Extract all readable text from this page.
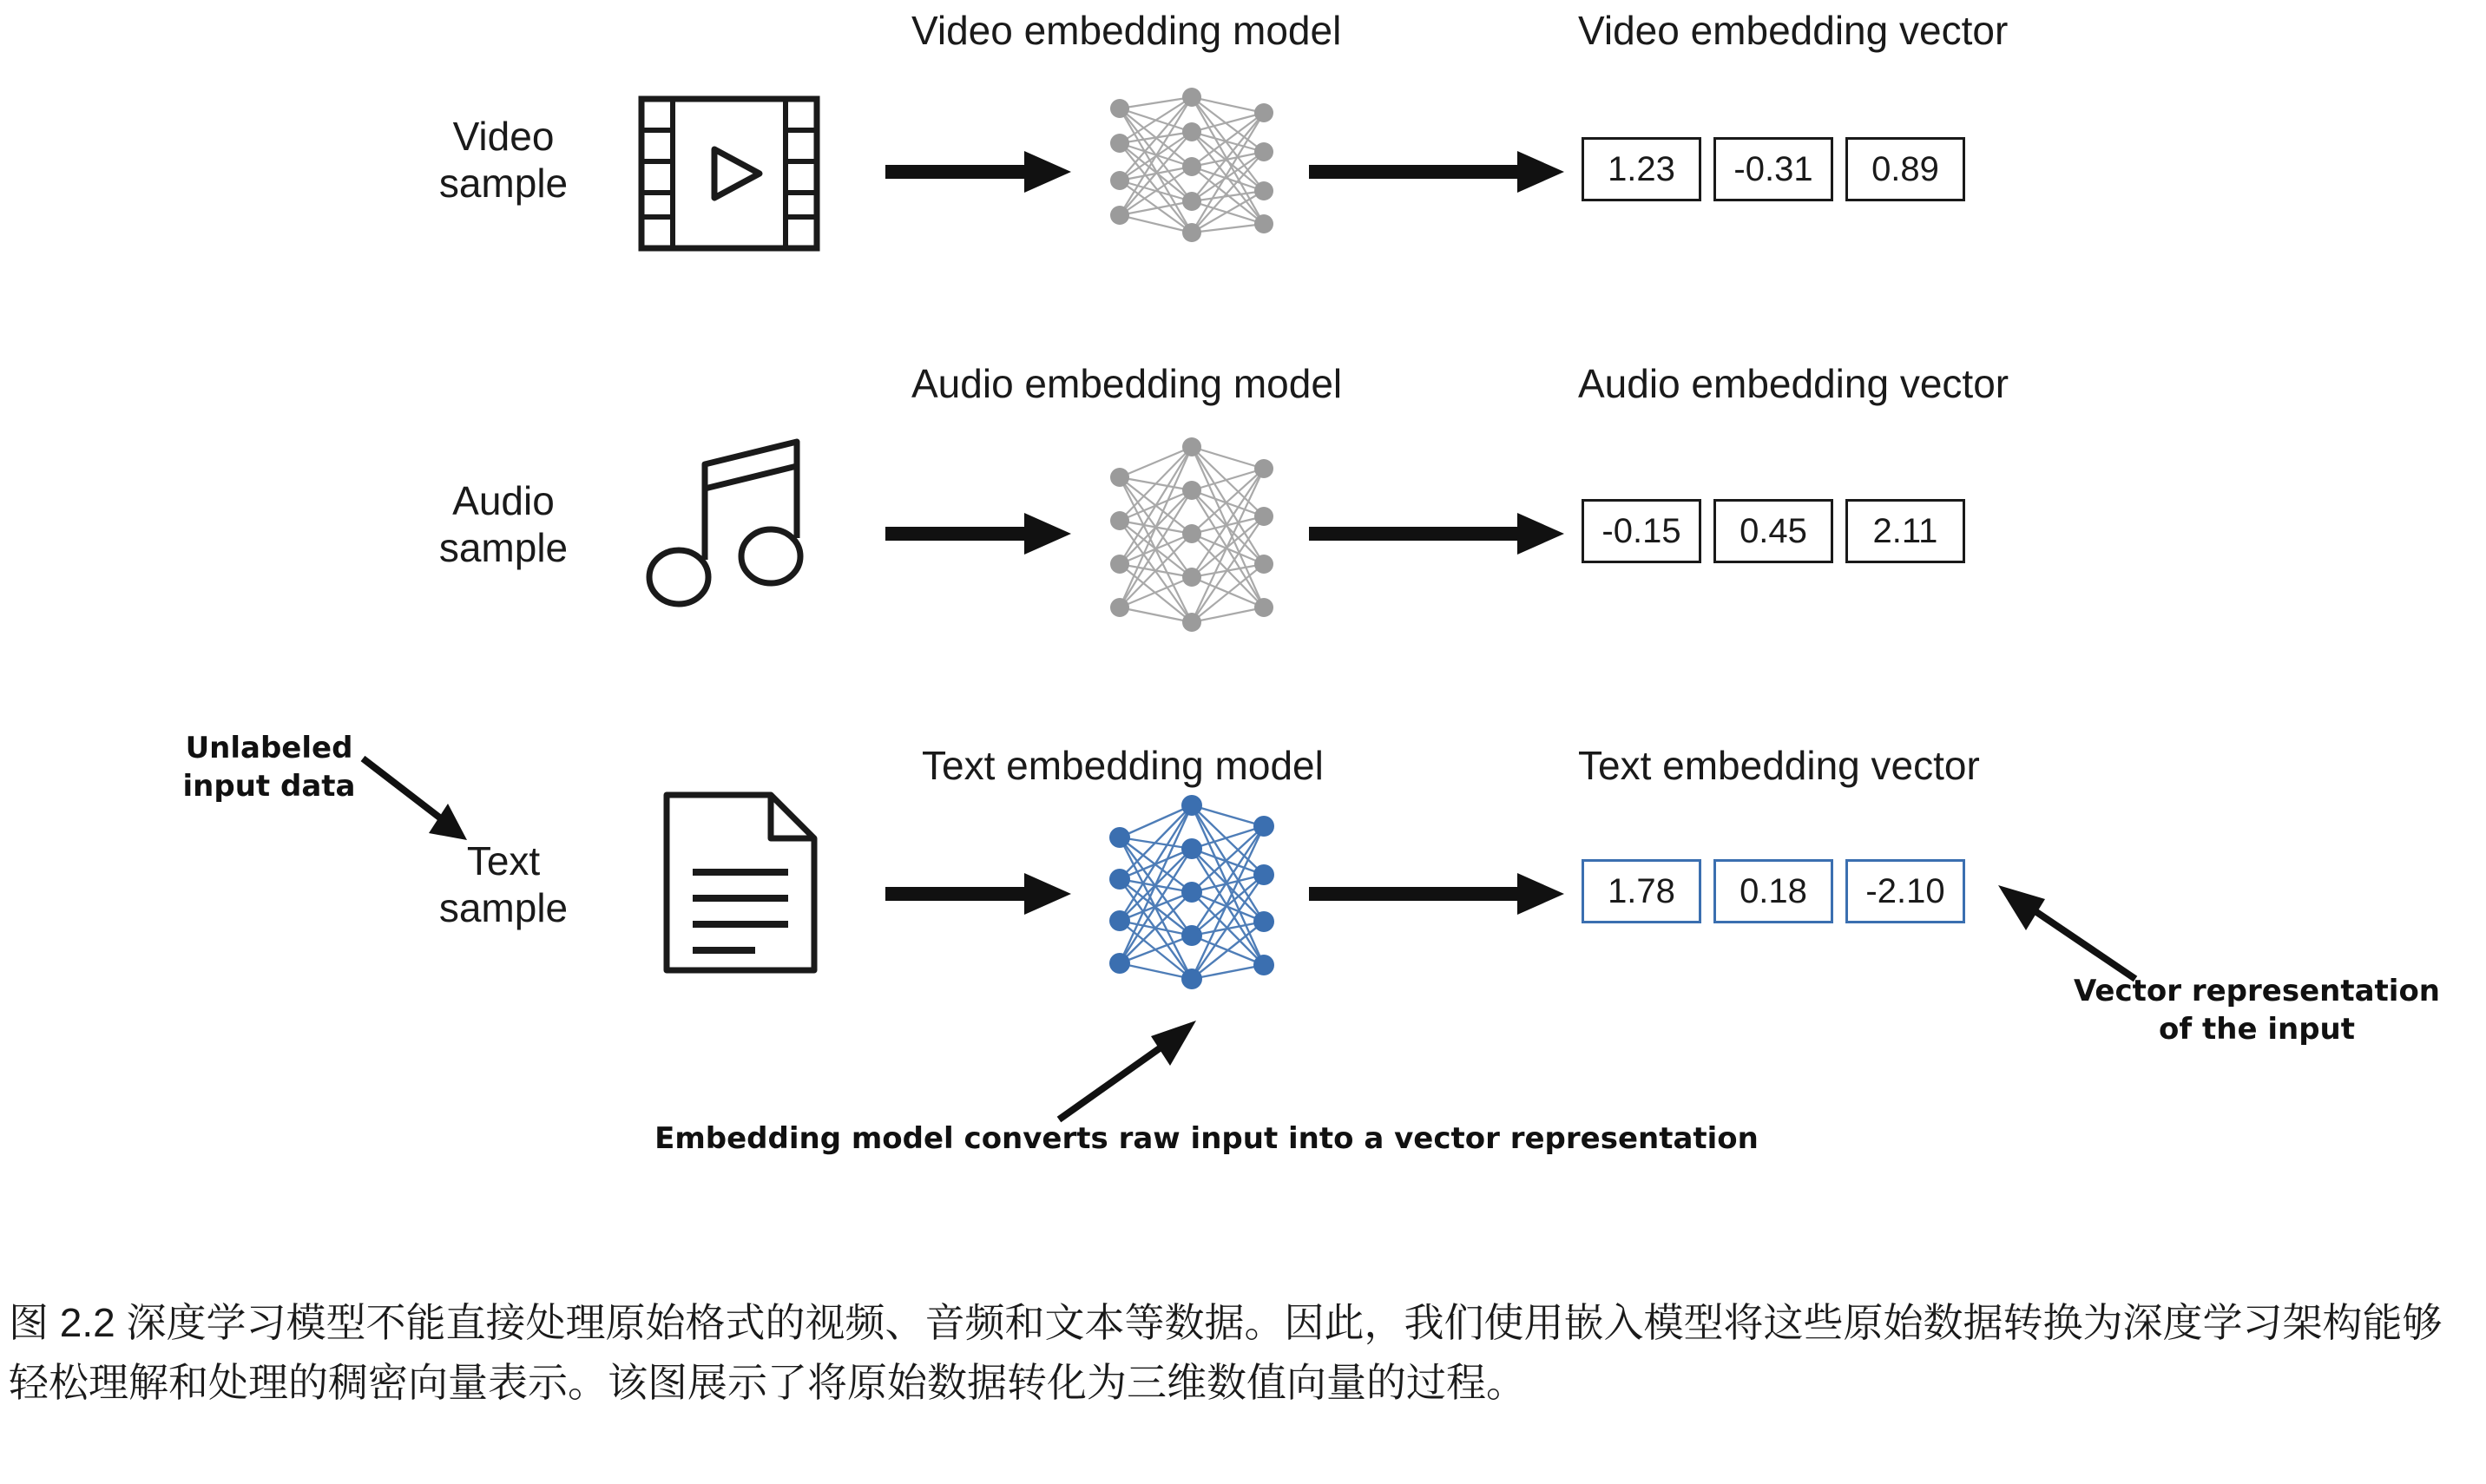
Video embedding model	Video embedding vector
Video
sample	1.23	-0.31	0.89
Audio embedding model	Audio embedding vector
Audio
sample	-0.15	0.45	2.11
Text embedding model	Text embedding vector
Unlabeled
input data
Text
sample	1.78	0.18	-2.10
Vector representation
of the input
Embedding model converts raw input into a vector representation
图 2.2 深度学习模型不能直接处理原始格式的视频、音频和文本等数据。因此，我们使用嵌入模型将这些原始数据转换为深度学习架构能够轻松理解和处理的稠密向量表示。该图展示了将原始数据转化为三维数值向量的过程。
